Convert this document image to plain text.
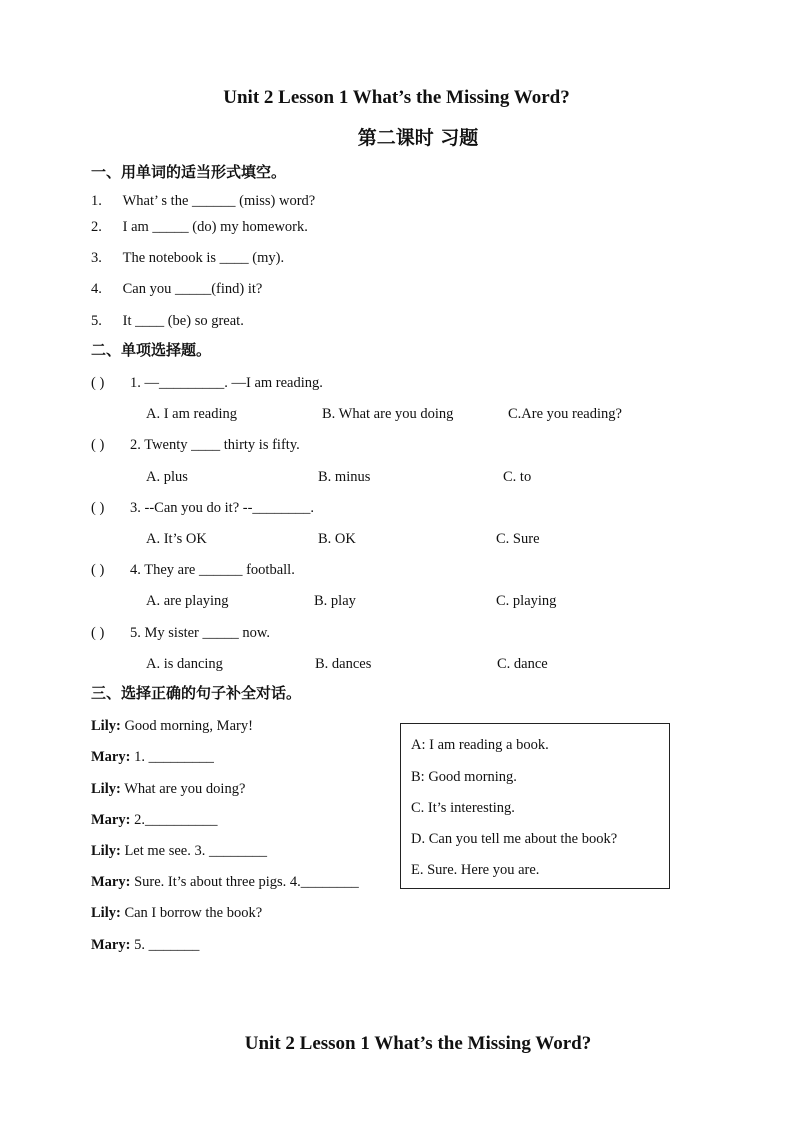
Unit 2 Lesson 1 What’s the Missing Word?
第二课时 习题
一、用单词的适当形式填空。
1. What’ s the ______ (miss) word?
2. I am _____ (do) my homework.
3. The notebook is ____ (my).
4. Can you _____(find) it?
5. It ____ (be) so great.
二、单项选择题。
( ) 1. —_________. —I am reading.
A. I am reading	B. What are you doing	C.Are you reading?
( ) 2. Twenty ____ thirty is fifty.
A. plus	B. minus	C. to
( ) 3. --Can you do it? --________.
A. It’s OK	B. OK	C. Sure
( ) 4. They are ______ football.
A. are playing	B. play	C. playing
( ) 5. My sister _____ now.
A. is dancing	B. dances	C. dance
三、选择正确的句子补全对话。
Lily: Good morning, Mary!
Mary: 1. _________
Lily: What are you doing?
Mary: 2.__________
Lily: Let me see. 3. ________
Mary: Sure. It’s about three pigs. 4.________
Lily: Can I borrow the book?
Mary: 5. _______
A: I am reading a book.
B: Good morning.
C. It’s interesting.
D. Can you tell me about the book?
E. Sure. Here you are.
Unit 2 Lesson 1 What’s the Missing Word?
